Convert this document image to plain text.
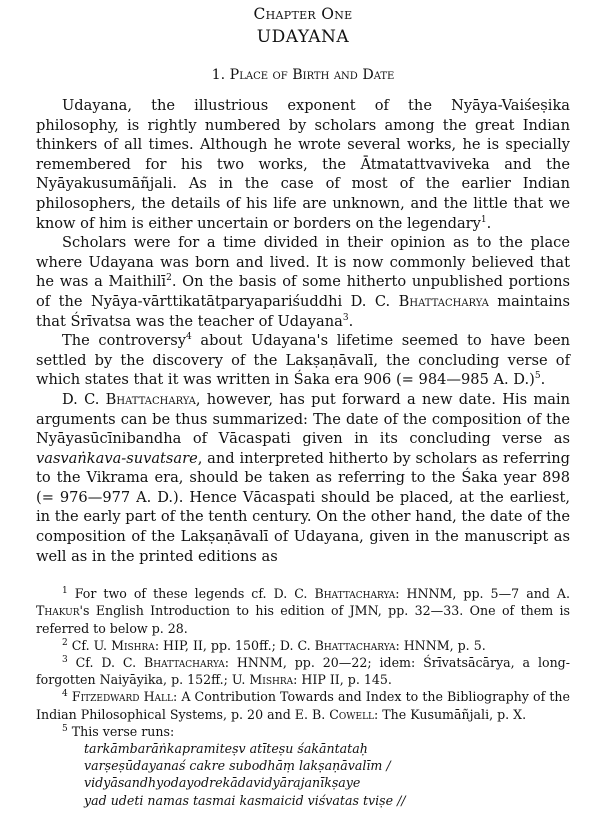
Chapter One
UDAYANA
1. Place of Birth and Date

Udayana, the illustrious exponent of the Nyāya-Vaiśeṣika philosophy, is rightly numbered by scholars among the great Indian thinkers of all times. Although he wrote several works, he is specially remembered for his two works, the Ātmatattvaviveka and the Nyāyakusumāñjali. As in the case of most of the earlier Indian philosophers, the details of his life are unknown, and the little that we know of him is either uncertain or borders on the legendary$^1$.

Scholars were for a time divided in their opinion as to the place where Udayana was born and lived. It is now commonly believed that he was a Maithilī$^2$. On the basis of some hitherto unpublished portions of the Nyāya-vārttikatātparyapariśuddhi D. C. Bhattacharya maintains that Śrīvatsa was the teacher of Udayana$^3$.

The controversy$^4$ about Udayana's lifetime seemed to have been settled by the discovery of the Lakṣaṇāvalī, the concluding verse of which states that it was written in Śaka era 906 (= 984—985 A. D.)$^5$.

D. C. Bhattacharya, however, has put forward a new date. His main arguments can be thus summarized: The date of the composition of the Nyāyasūcīnibandha of Vācaspati given in its concluding verse as vasvaṅkava-suvatsare, and interpreted hitherto by scholars as referring to the Vikrama era, should be taken as referring to the Śaka year 898 (= 976—977 A. D.). Hence Vācaspati should be placed, at the earliest, in the early part of the tenth century. On the other hand, the date of the composition of the Lakṣaṇāvalī of Udayana, given in the manuscript as well as in the printed editions as

$^1$ For two of these legends cf. D. C. Bhattacharya: HNNM, pp. 5—7 and A. Thakur's English Introduction to his edition of JMN, pp. 32—33. One of them is referred to below p. 28.

$^2$ Cf. U. Mishra: HIP, II, pp. 150ff.; D. C. Bhattacharya: HNNM, p. 5.

$^3$ Cf. D. C. Bhattacharya: HNNM, pp. 20—22; idem: Śrīvatsācārya, a long-forgotten Naiyāyika, p. 152ff.; U. Mishra: HIP II, p. 145.

$^4$ Fitzedward Hall: A Contribution Towards and Index to the Bibliography of the Indian Philosophical Systems, p. 20 and E. B. Cowell: The Kusumāñjali, p. X.

$^5$ This verse runs:

tarkāmbarāṅkapramiteṣv atīteṣu śakāntataḥ
varṣeṣūdayanaś cakre subodhāṃ lakṣaṇāvalīm /
vidyāsandhyodayodrekādavidyārajanīkṣaye
yad udeti namas tasmai kasmaicid viśvatas tviṣe //
